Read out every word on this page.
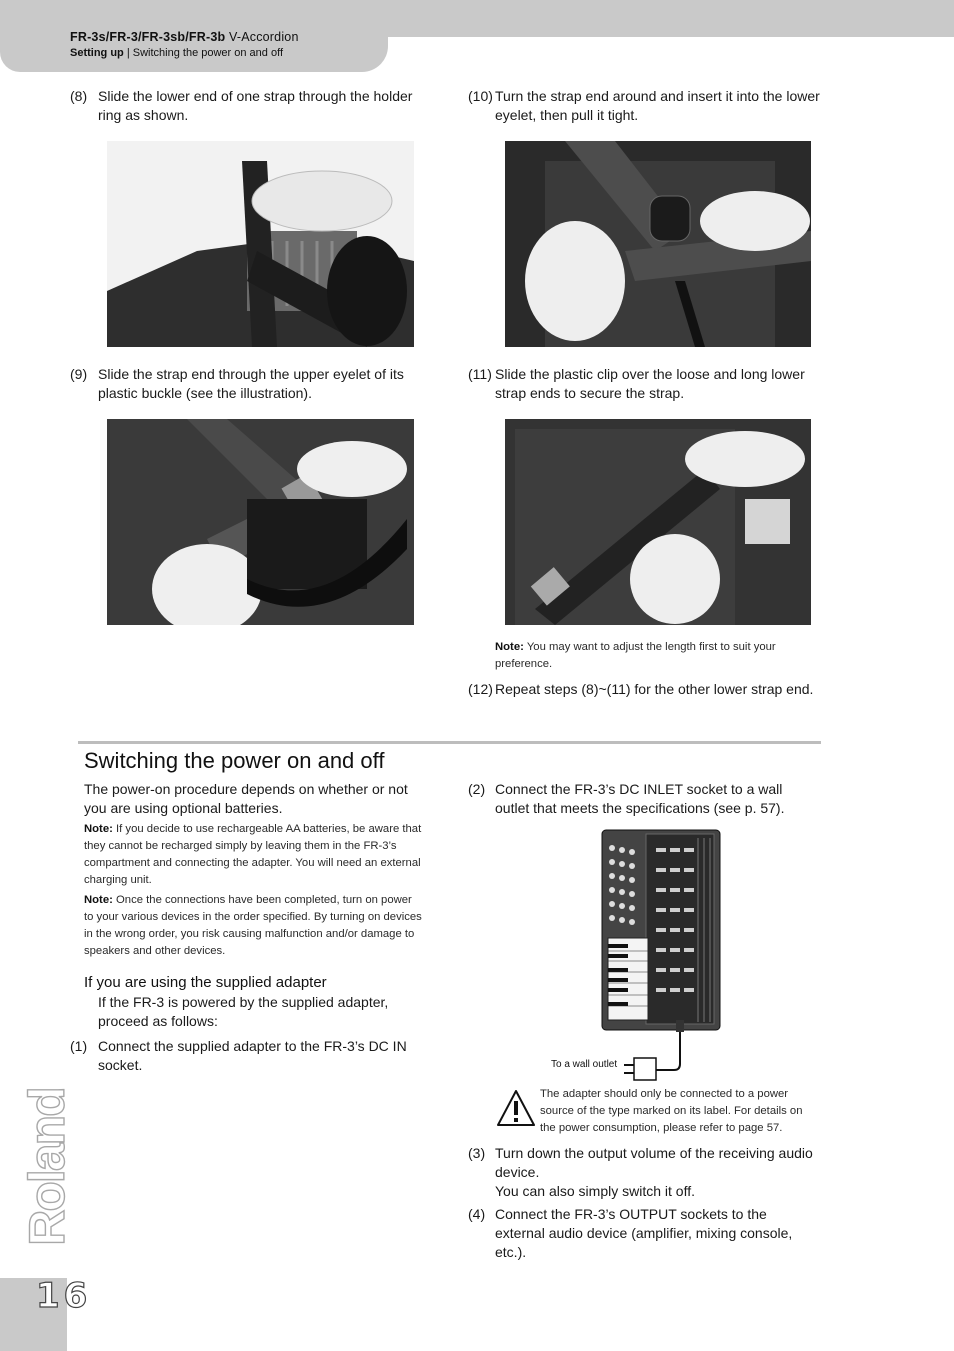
FR-3s/FR-3/FR-3sb/FR-3b V-Accordion
Setting up | Switching the power on and off
(8) Slide the lower end of one strap through the holder ring as shown.
(9) Slide the strap end through the upper eyelet of its plastic buckle (see the illustration).
(10) Turn the strap end around and insert it into the lower eyelet, then pull it tight.
(11) Slide the plastic clip over the loose and long lower strap ends to secure the strap.
Note: You may want to adjust the length first to suit your preference.
(12) Repeat steps (8)~(11) for the other lower strap end.
Switching the power on and off
The power-on procedure depends on whether or not you are using optional batteries.
Note: If you decide to use rechargeable AA batteries, be aware that they cannot be recharged simply by leaving them in the FR-3’s compartment and connecting the adapter. You will need an external charging unit.
Note: Once the connections have been completed, turn on power to your various devices in the order specified. By turning on devices in the wrong order, you risk causing malfunction and/or damage to speakers and other devices.
If you are using the supplied adapter
If the FR-3 is powered by the supplied adapter, proceed as follows:
(1) Connect the supplied adapter to the FR-3’s DC IN socket.
(2) Connect the FR-3’s DC INLET socket to a wall outlet that meets the specifications (see p. 57).
To a wall outlet
The adapter should only be connected to a power source of the type marked on its label. For details on the power consumption, please refer to page 57.
(3) Turn down the output volume of the receiving audio device.
You can also simply switch it off.
(4) Connect the FR-3’s OUTPUT sockets to the external audio device (amplifier, mixing console, etc.).
Roland
16
